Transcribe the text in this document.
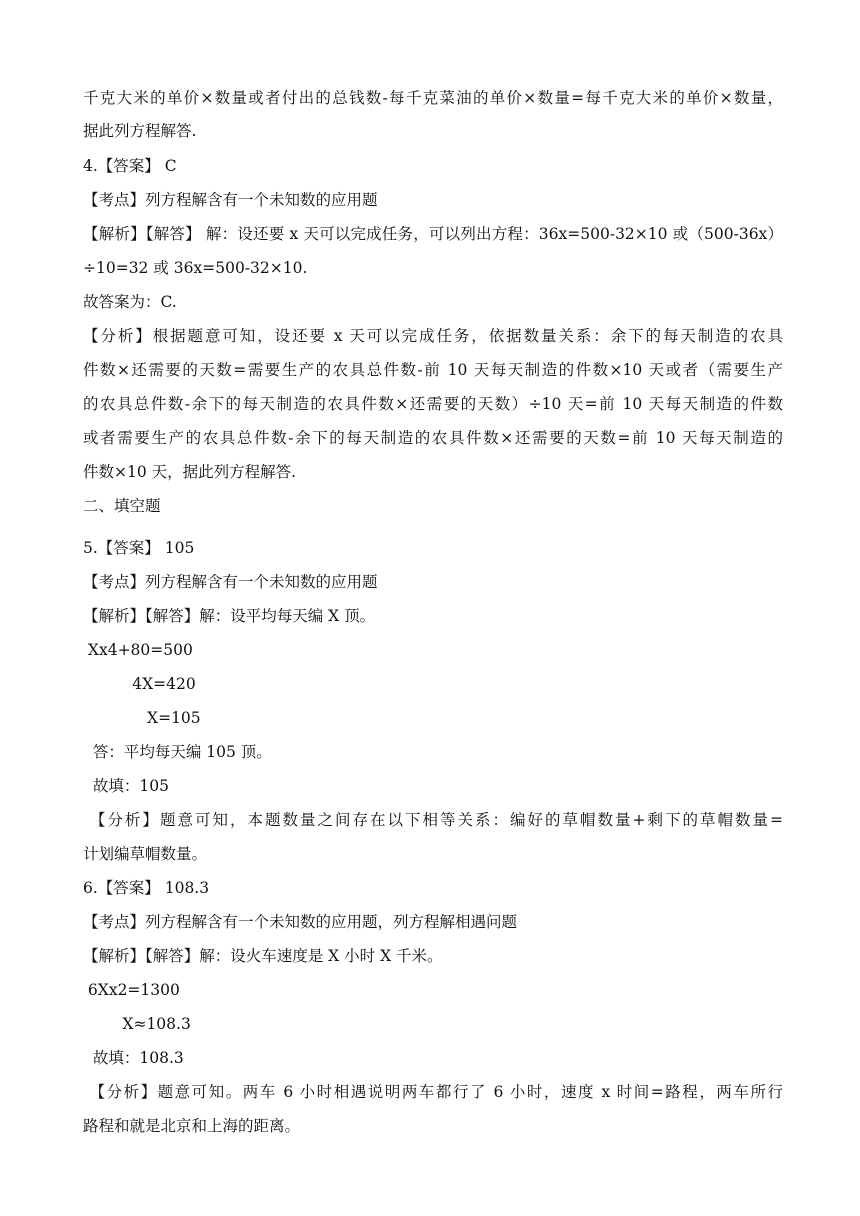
千克大米的单价×数量或者付出的总钱数-每千克菜油的单价×数量=每千克大米的单价×数量，
据此列方程解答.
4.【答案】 C
【考点】列方程解含有一个未知数的应用题
【解析】【解答】 解：设还要 x 天可以完成任务，可以列出方程：36x=500-32×10 或（500-36x）
÷10=32 或 36x=500-32×10.
故答案为：C.
【分析】根据题意可知，设还要 x 天可以完成任务，依据数量关系：余下的每天制造的农具
件数×还需要的天数=需要生产的农具总件数-前 10 天每天制造的件数×10 天或者（需要生产
的农具总件数-余下的每天制造的农具件数×还需要的天数）÷10 天=前 10 天每天制造的件数
或者需要生产的农具总件数-余下的每天制造的农具件数×还需要的天数=前 10 天每天制造的
件数×10 天，据此列方程解答.
二、填空题
5.【答案】 105
【考点】列方程解含有一个未知数的应用题
【解析】【解答】解：设平均每天编 X 顶。
Xx4+80=500
4X=420
X=105
答：平均每天编 105 顶。
故填：105
【分析】题意可知，本题数量之间存在以下相等关系：编好的草帽数量+剩下的草帽数量=
计划编草帽数量。
6.【答案】 108.3
【考点】列方程解含有一个未知数的应用题，列方程解相遇问题
【解析】【解答】解：设火车速度是 X 小时 X 千米。
6Xx2=1300
X≈108.3
故填：108.3
【分析】题意可知。两车 6 小时相遇说明两车都行了 6 小时，速度 x 时间=路程，两车所行
路程和就是北京和上海的距离。
